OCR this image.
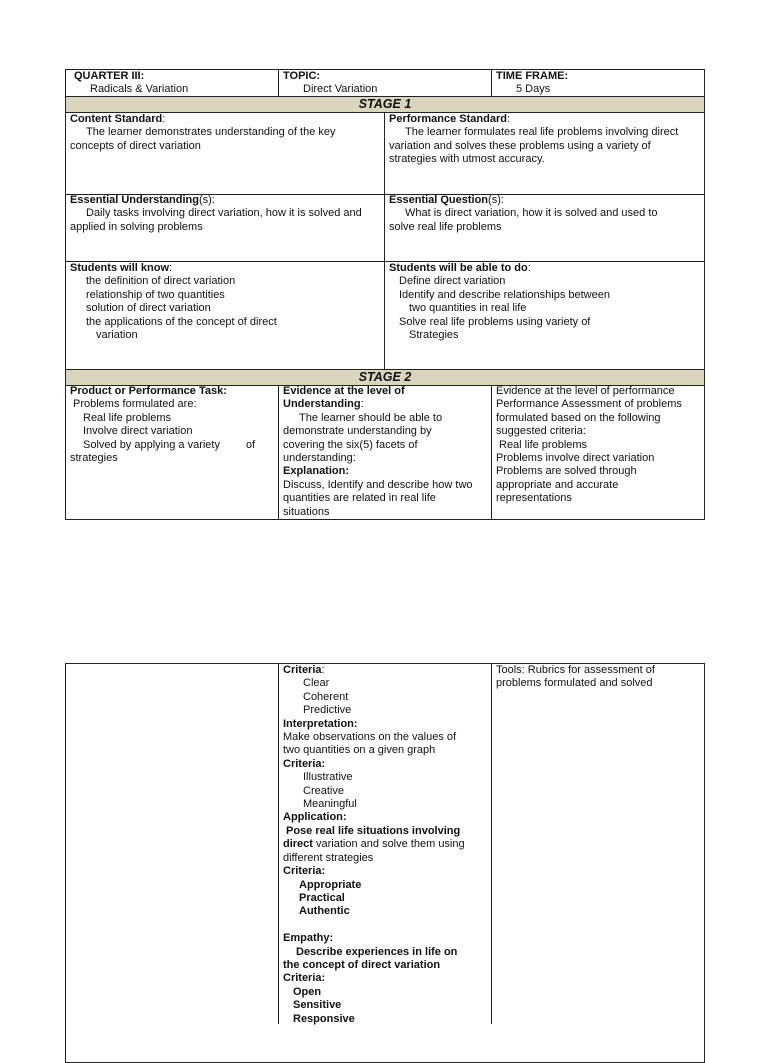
STAGE 1
STAGE 2
QUARTER III:
Radicals & Variation
TOPIC:
Direct Variation
TIME FRAME:
5 Days
Content Standard:
The learner demonstrates understanding of the key
concepts of direct variation
Performance Standard:
The learner formulates real life problems involving direct
variation and solves these problems using a variety of
strategies with utmost accuracy.
Essential Understanding(s):
Daily tasks involving direct variation, how it is solved and
applied in solving problems
Essential Question(s):
What is direct variation, how it is solved and used to
solve real life problems
Students will know:
the definition of direct variation
relationship of two quantities
solution of direct variation
the applications of the concept of direct
variation
Students will be able to do:
Define direct variation
Identify and describe relationships between
two quantities in real life
Solve real life problems using variety of
Strategies
Product or Performance Task:
Problems formulated are:
Real life problems
Involve direct variation
Solved by applying a variety of
strategies
Evidence at the level of
Understanding:
The learner should be able to
demonstrate understanding by
covering the six(5) facets of
understanding:
Explanation:
Discuss, Identify and describe how two
quantities are related in real life
situations
Evidence at the level of performance
Performance Assessment of problems
formulated based on the following
suggested criteria:
Real life problems
Problems involve direct variation
Problems are solved through
appropriate and accurate
representations
Criteria:
Clear
Coherent
Predictive
Interpretation:
Make observations on the values of
two quantities on a given graph
Criteria:
Illustrative
Creative
Meaningful
Application:
Pose real life situations involving
direct variation and solve them using
different strategies
Criteria:
Appropriate
Practical
Authentic

Empathy:
Describe experiences in life on
the concept of direct variation
Criteria:
Open
Sensitive
Responsive
Tools: Rubrics for assessment of
problems formulated and solved
